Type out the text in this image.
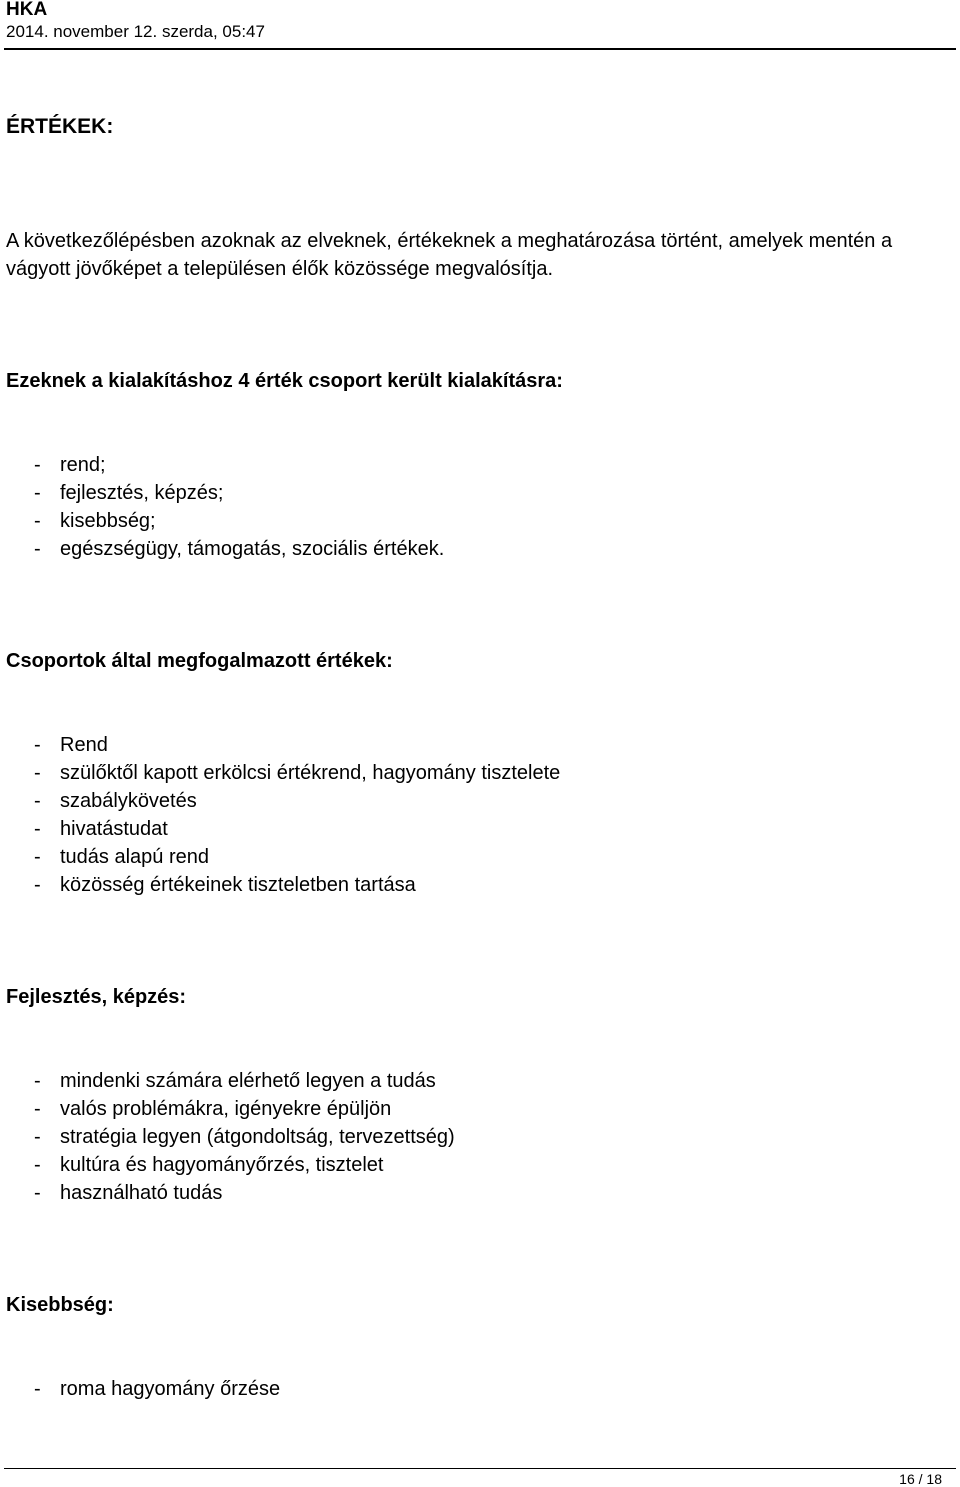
HKA
2014. november 12. szerda, 05:47
ÉRTÉKEK:

A következőlépésben azoknak az elveknek, értékeknek a meghatározása történt, amelyek mentén a vágyott jövőképet a településen élők közössége megvalósítja.

Ezeknek a kialakításhoz 4 érték csoport került kialakításra:

- rend;
- fejlesztés, képzés;
- kisebbség;
- egészségügy, támogatás, szociális értékek.

Csoportok által megfogalmazott értékek:

- Rend
- szülőktől kapott erkölcsi értékrend, hagyomány tisztelete
- szabálykövetés
- hivatástudat
- tudás alapú rend
- közösség értékeinek tiszteletben tartása

Fejlesztés, képzés:

- mindenki számára elérhető legyen a tudás
- valós problémákra, igényekre épüljön
- stratégia legyen (átgondoltság, tervezettség)
- kultúra és hagyományőrzés, tisztelet
- használható tudás

Kisebbség:

- roma hagyomány őrzése
16 / 18
